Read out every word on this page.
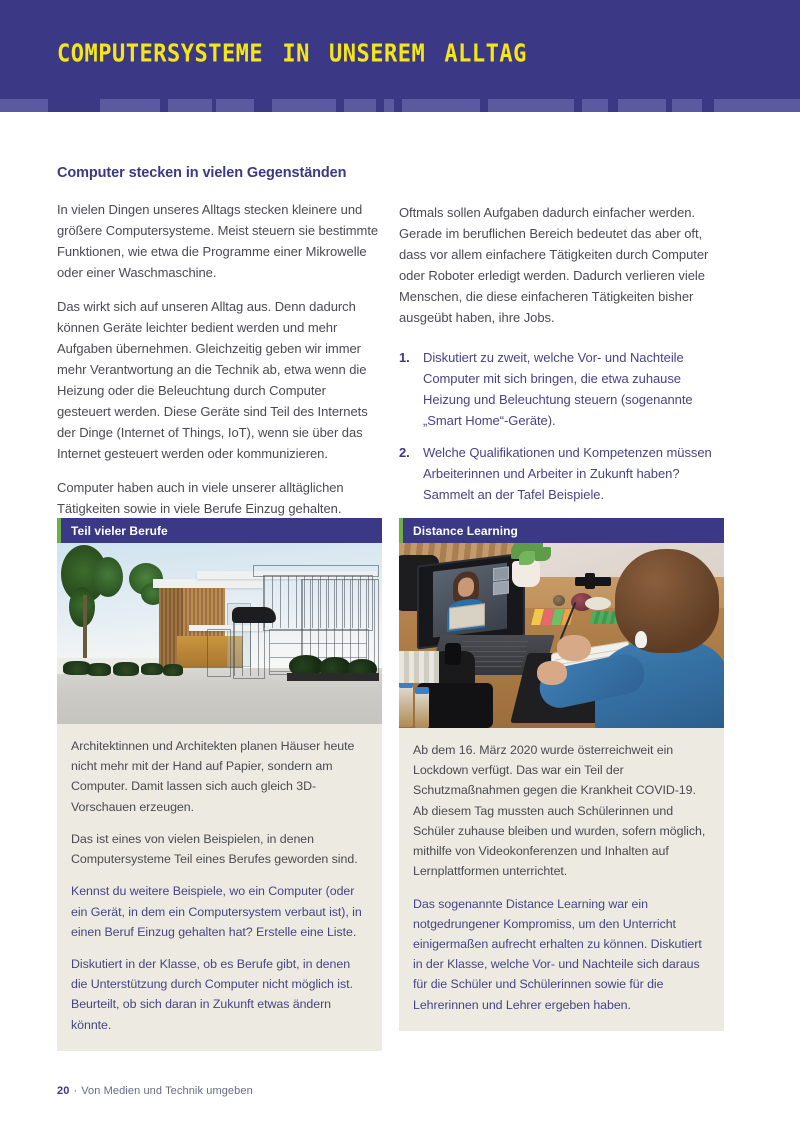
computersysteme in unserem alltag
Computer stecken in vielen Gegenständen

In vielen Dingen unseres Alltags stecken kleinere und größere Computersysteme. Meist steuern sie bestimmte Funktionen, wie etwa die Programme einer Mikrowelle oder einer Waschmaschine.

Das wirkt sich auf unseren Alltag aus. Denn dadurch können Geräte leichter bedient werden und mehr Aufgaben übernehmen. Gleichzeitig geben wir immer mehr Verantwortung an die Technik ab, etwa wenn die Heizung oder die Beleuchtung durch Computer gesteuert werden. Diese Geräte sind Teil des Internets der Dinge (Internet of Things, IoT), wenn sie über das Internet gesteuert werden oder kommunizieren.

Computer haben auch in viele unserer alltäglichen Tätigkeiten sowie in viele Berufe Einzug gehalten.

Oftmals sollen Aufgaben dadurch einfacher werden. Gerade im beruflichen Bereich bedeutet das aber oft, dass vor allem einfachere Tätigkeiten durch Computer oder Roboter erledigt werden. Dadurch verlieren viele Menschen, die diese einfacheren Tätigkeiten bisher ausgeübt haben, ihre Jobs.

1.	Diskutiert zu zweit, welche Vor- und Nachteile Computer mit sich bringen, die etwa zuhause Heizung und Beleuchtung steuern (sogenannte „Smart Home“-Geräte).
2.	Welche Qualifikationen und Kompetenzen müssen Arbeiterinnen und Arbeiter in Zukunft haben? Sammelt an der Tafel Beispiele.
Teil vieler Berufe

Architektinnen und Architekten planen Häuser heute nicht mehr mit der Hand auf Papier, sondern am Computer. Damit lassen sich auch gleich 3D-Vorschauen erzeugen.

Das ist eines von vielen Beispielen, in denen Computersysteme Teil eines Berufes geworden sind.

Kennst du weitere Beispiele, wo ein Computer (oder ein Gerät, in dem ein Computersystem verbaut ist), in einen Beruf Einzug gehalten hat? Erstelle eine Liste.

Diskutiert in der Klasse, ob es Berufe gibt, in denen die Unterstützung durch Computer nicht möglich ist. Beurteilt, ob sich daran in Zukunft etwas ändern könnte.

Distance Learning

Ab dem 16. März 2020 wurde österreichweit ein Lockdown verfügt. Das war ein Teil der Schutzmaßnahmen gegen die Krankheit COVID-19. Ab diesem Tag mussten auch Schülerinnen und Schüler zuhause bleiben und wurden, sofern möglich, mithilfe von Videokonferenzen und Inhalten auf Lernplattformen unterrichtet.

Das sogenannte Distance Learning war ein notgedrungener Kompromiss, um den Unterricht einigermaßen aufrecht erhalten zu können. Diskutiert in der Klasse, welche Vor- und Nachteile sich daraus für die Schüler und Schülerinnen sowie für die Lehrerinnen und Lehrer ergeben haben.

20 · Von Medien und Technik umgeben
